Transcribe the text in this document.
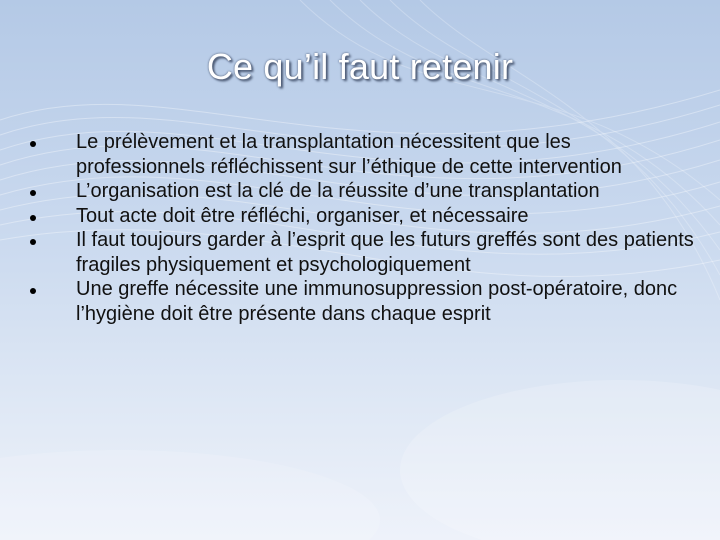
Ce qu’il faut retenir
Le prélèvement et la transplantation nécessitent que les professionnels réfléchissent sur l’éthique de cette intervention
L’organisation est la clé de la réussite d’une transplantation
Tout acte doit être réfléchi, organiser, et nécessaire
Il faut toujours garder à l’esprit que les futurs greffés sont des patients fragiles physiquement et psychologiquement
Une greffe nécessite une immunosuppression post-opératoire, donc l’hygiène doit être présente dans chaque esprit
